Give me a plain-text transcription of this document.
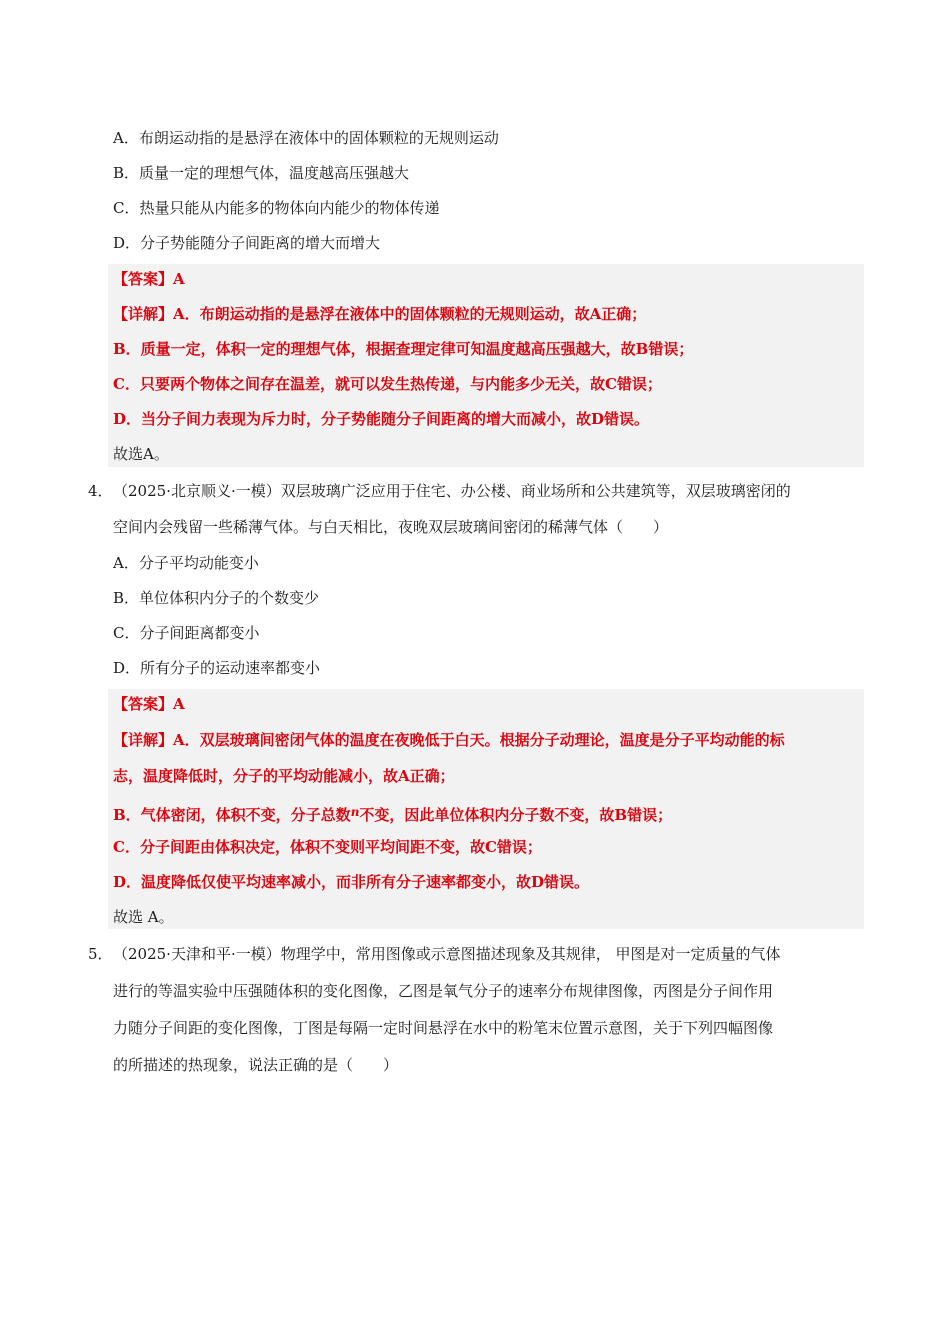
A．布朗运动指的是悬浮在液体中的固体颗粒的无规则运动
B．质量一定的理想气体，温度越高压强越大
C．热量只能从内能多的物体向内能少的物体传递
D．分子势能随分子间距离的增大而增大
【答案】A
【详解】A．布朗运动指的是悬浮在液体中的固体颗粒的无规则运动，故A正确；
B．质量一定，体积一定的理想气体，根据查理定律可知温度越高压强越大，故B错误；
C．只要两个物体之间存在温差，就可以发生热传递，与内能多少无关，故C错误；
D．当分子间力表现为斥力时，分子势能随分子间距离的增大而减小，故D错误。
故选A。
4． （2025·北京顺义·一模）双层玻璃广泛应用于住宅、办公楼、商业场所和公共建筑等，双层玻璃密闭的
空间内会残留一些稀薄气体。与白天相比，夜晚双层玻璃间密闭的稀薄气体（　　）
A．分子平均动能变小
B．单位体积内分子的个数变少
C．分子间距离都变小
D．所有分子的运动速率都变小
【答案】A
【详解】A．双层玻璃间密闭气体的温度在夜晚低于白天。根据分子动理论，温度是分子平均动能的标
志，温度降低时，分子的平均动能减小，故A正确；
B．气体密闭，体积不变，分子总数$^n$不变，因此单位体积内分子数不变，故B错误；
C．分子间距由体积决定，体积不变则平均间距不变，故C错误；
D．温度降低仅使平均速率减小，而非所有分子速率都变小，故D错误。
故选 A。
5． （2025·天津和平·一模）物理学中，常用图像或示意图描述现象及其规律， 甲图是对一定质量的气体
进行的等温实验中压强随体积的变化图像，乙图是氧气分子的速率分布规律图像，丙图是分子间作用
力随分子间距的变化图像，丁图是每隔一定时间悬浮在水中的粉笔末位置示意图，关于下列四幅图像
的所描述的热现象，说法正确的是（　　）
